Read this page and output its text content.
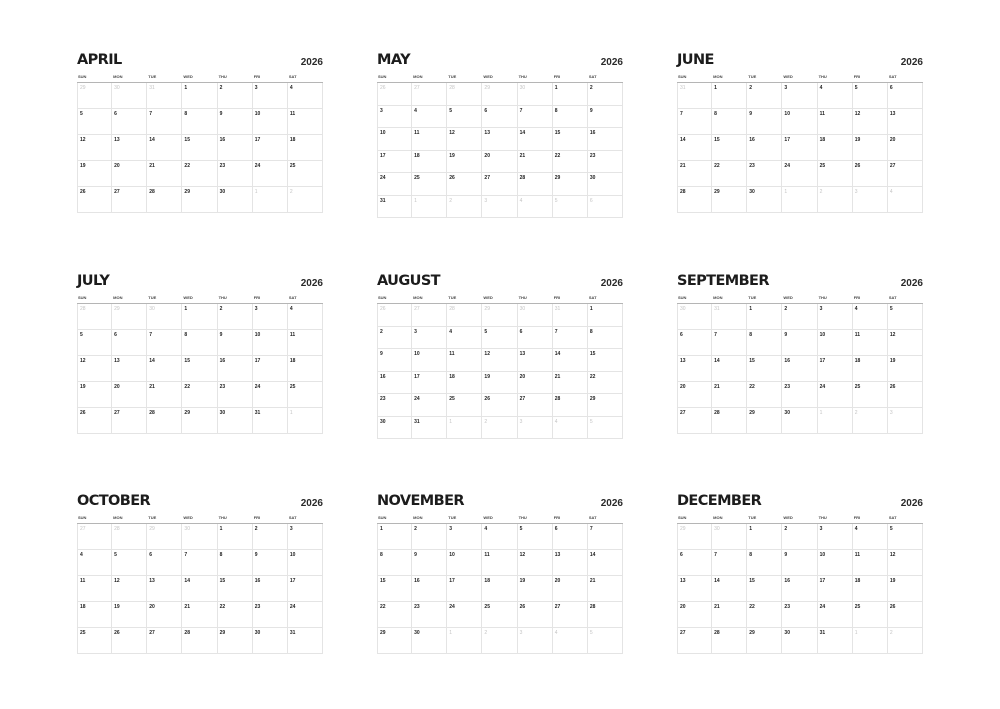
APRIL	2026
SUN	MON	TUE	WED	THU	FRI	SAT
29	30	31	1	2	3	4
5	6	7	8	9	10	11
12	13	14	15	16	17	18
19	20	21	22	23	24	25
26	27	28	29	30	1	2
MAY	2026
SUN	MON	TUE	WED	THU	FRI	SAT
26	27	28	29	30	1	2
3	4	5	6	7	8	9
10	11	12	13	14	15	16
17	18	19	20	21	22	23
24	25	26	27	28	29	30
31	1	2	3	4	5	6
JUNE	2026
SUN	MON	TUE	WED	THU	FRI	SAT
31	1	2	3	4	5	6
7	8	9	10	11	12	13
14	15	16	17	18	19	20
21	22	23	24	25	26	27
28	29	30	1	2	3	4
JULY	2026
SUN	MON	TUE	WED	THU	FRI	SAT
28	29	30	1	2	3	4
5	6	7	8	9	10	11
12	13	14	15	16	17	18
19	20	21	22	23	24	25
26	27	28	29	30	31	1
AUGUST	2026
SUN	MON	TUE	WED	THU	FRI	SAT
26	27	28	29	30	31	1
2	3	4	5	6	7	8
9	10	11	12	13	14	15
16	17	18	19	20	21	22
23	24	25	26	27	28	29
30	31	1	2	3	4	5
SEPTEMBER	2026
SUN	MON	TUE	WED	THU	FRI	SAT
30	31	1	2	3	4	5
6	7	8	9	10	11	12
13	14	15	16	17	18	19
20	21	22	23	24	25	26
27	28	29	30	1	2	3
OCTOBER	2026
SUN	MON	TUE	WED	THU	FRI	SAT
27	28	29	30	1	2	3
4	5	6	7	8	9	10
11	12	13	14	15	16	17
18	19	20	21	22	23	24
25	26	27	28	29	30	31
NOVEMBER	2026
SUN	MON	TUE	WED	THU	FRI	SAT
1	2	3	4	5	6	7
8	9	10	11	12	13	14
15	16	17	18	19	20	21
22	23	24	25	26	27	28
29	30	1	2	3	4	5
DECEMBER	2026
SUN	MON	TUE	WED	THU	FRI	SAT
29	30	1	2	3	4	5
6	7	8	9	10	11	12
13	14	15	16	17	18	19
20	21	22	23	24	25	26
27	28	29	30	31	1	2
